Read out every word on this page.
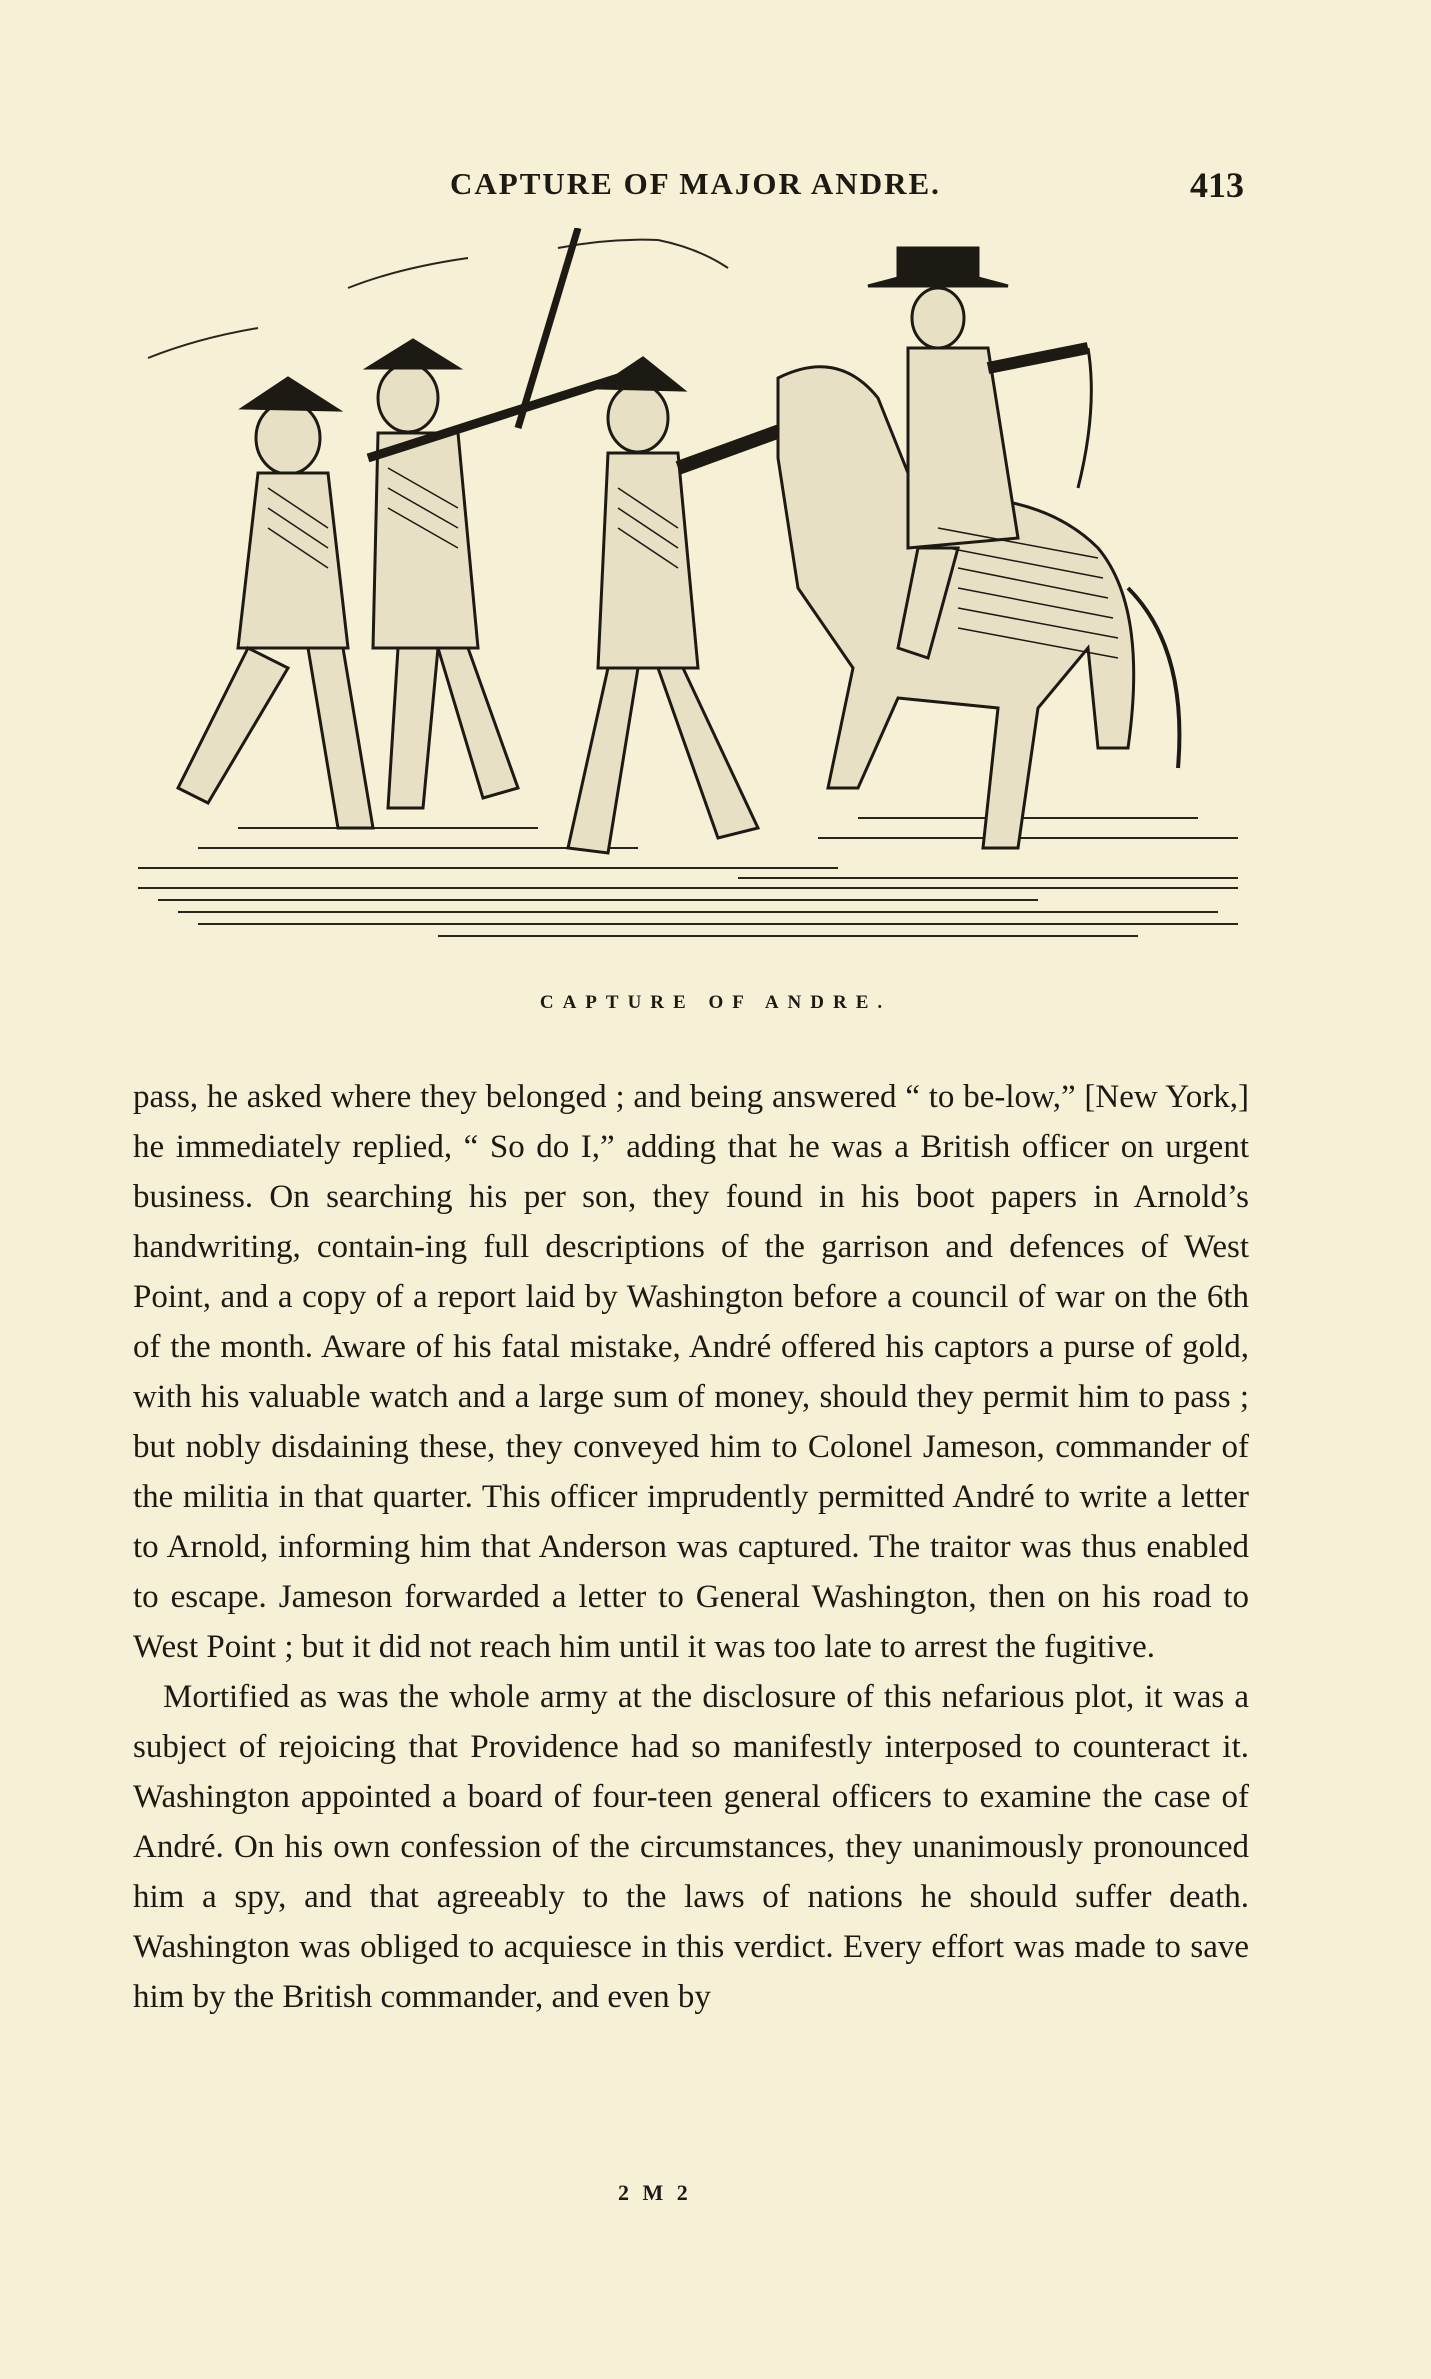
CAPTURE OF MAJOR ANDRE.	413
CAPTURE OF ANDRE.

pass, he asked where they belonged ; and being answered “ to be-low,” [New York,] he immediately replied, “ So do I,” adding that he was a British officer on urgent business. On searching his per son, they found in his boot papers in Arnold’s handwriting, contain-ing full descriptions of the garrison and defences of West Point, and a copy of a report laid by Washington before a council of war on the 6th of the month. Aware of his fatal mistake, André offered his captors a purse of gold, with his valuable watch and a large sum of money, should they permit him to pass ; but nobly disdaining these, they conveyed him to Colonel Jameson, commander of the militia in that quarter. This officer imprudently permitted André to write a letter to Arnold, informing him that Anderson was captured. The traitor was thus enabled to escape. Jameson forwarded a letter to General Washington, then on his road to West Point ; but it did not reach him until it was too late to arrest the fugitive.

Mortified as was the whole army at the disclosure of this nefarious plot, it was a subject of rejoicing that Providence had so manifestly interposed to counteract it. Washington appointed a board of four-teen general officers to examine the case of André. On his own confession of the circumstances, they unanimously pronounced him a spy, and that agreeably to the laws of nations he should suffer death. Washington was obliged to acquiesce in this verdict. Every effort was made to save him by the British commander, and even by

2 M 2
